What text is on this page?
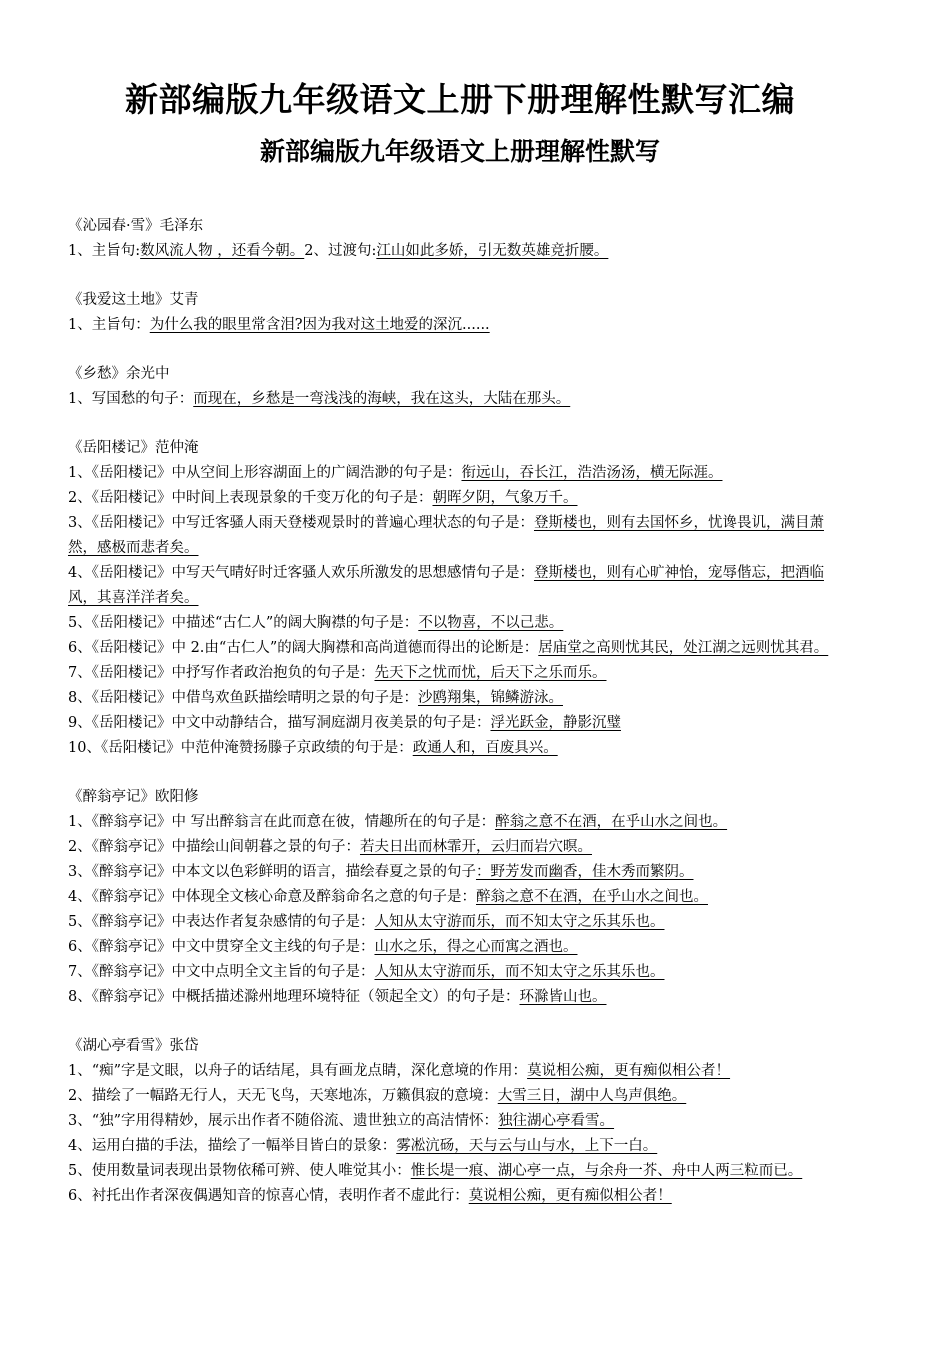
新部编版九年级语文上册下册理解性默写汇编
新部编版九年级语文上册理解性默写

《沁园春·雪》毛泽东

1、主旨句:数风流人物 ，还看今朝。2、过渡句:江山如此多娇，引无数英雄竞折腰。

《我爱这土地》艾青

1、主旨句：为什么我的眼里常含泪?因为我对这土地爱的深沉......

《乡愁》余光中

1、写国愁的句子：而现在，乡愁是一弯浅浅的海峡，我在这头，大陆在那头。

《岳阳楼记》范仲淹

1、《岳阳楼记》中从空间上形容湖面上的广阔浩渺的句子是：衔远山，吞长江，浩浩汤汤，横无际涯。

2、《岳阳楼记》中时间上表现景象的千变万化的句子是：朝晖夕阴，气象万千。

3、《岳阳楼记》中写迁客骚人雨天登楼观景时的普遍心理状态的句子是：登斯楼也，则有去国怀乡，忧谗畏讥，满目萧然，感极而悲者矣。

4、《岳阳楼记》中写天气晴好时迁客骚人欢乐所激发的思想感情句子是：登斯楼也，则有心旷神怡，宠辱偕忘，把酒临风，其喜洋洋者矣。

5、《岳阳楼记》中描述“古仁人”的阔大胸襟的句子是：不以物喜，不以己悲。

6、《岳阳楼记》中 2.由“古仁人”的阔大胸襟和高尚道德而得出的论断是：居庙堂之高则忧其民，处江湖之远则忧其君。

7、《岳阳楼记》中抒写作者政治抱负的句子是：先天下之忧而忧，后天下之乐而乐。

8、《岳阳楼记》中借鸟欢鱼跃描绘晴明之景的句子是：沙鸥翔集，锦鳞游泳。

9、《岳阳楼记》中文中动静结合，描写洞庭湖月夜美景的句子是：浮光跃金，静影沉璧

10、《岳阳楼记》中范仲淹赞扬滕子京政绩的句于是：政通人和，百废具兴。

《醉翁亭记》欧阳修

1、《醉翁亭记》中 写出醉翁言在此而意在彼，情趣所在的句子是：醉翁之意不在酒，在乎山水之间也。

2、《醉翁亭记》中描绘山间朝暮之景的句子：若夫日出而林霏开，云归而岩穴暝。

3、《醉翁亭记》中本文以色彩鲜明的语言，描绘春夏之景的句子：野芳发而幽香，佳木秀而繁阴。

4、《醉翁亭记》中体现全文核心命意及醉翁命名之意的句子是：醉翁之意不在酒，在乎山水之间也。

5、《醉翁亭记》中表达作者复杂感情的句子是：人知从太守游而乐，而不知太守之乐其乐也。

6、《醉翁亭记》中文中贯穿全文主线的句子是：山水之乐，得之心而寓之酒也。

7、《醉翁亭记》中文中点明全文主旨的句子是：人知从太守游而乐，而不知太守之乐其乐也。

8、《醉翁亭记》中概括描述滁州地理环境特征（领起全文）的句子是：环滁皆山也。

《湖心亭看雪》张岱

1、“痴”字是文眼，以舟子的话结尾，具有画龙点睛，深化意境的作用：莫说相公痴，更有痴似相公者！

2、描绘了一幅路无行人，天无飞鸟，天寒地冻，万籁俱寂的意境：大雪三日，湖中人鸟声俱绝。

3、“独”字用得精妙，展示出作者不随俗流、遗世独立的高洁情怀：独往湖心亭看雪。

4、运用白描的手法，描绘了一幅举目皆白的景象：雾凇沆砀，天与云与山与水，上下一白。

5、使用数量词表现出景物依稀可辨、使人唯觉其小：惟长堤一痕、湖心亭一点，与余舟一芥、舟中人两三粒而已。

6、衬托出作者深夜偶遇知音的惊喜心情，表明作者不虚此行：莫说相公痴，更有痴似相公者！
